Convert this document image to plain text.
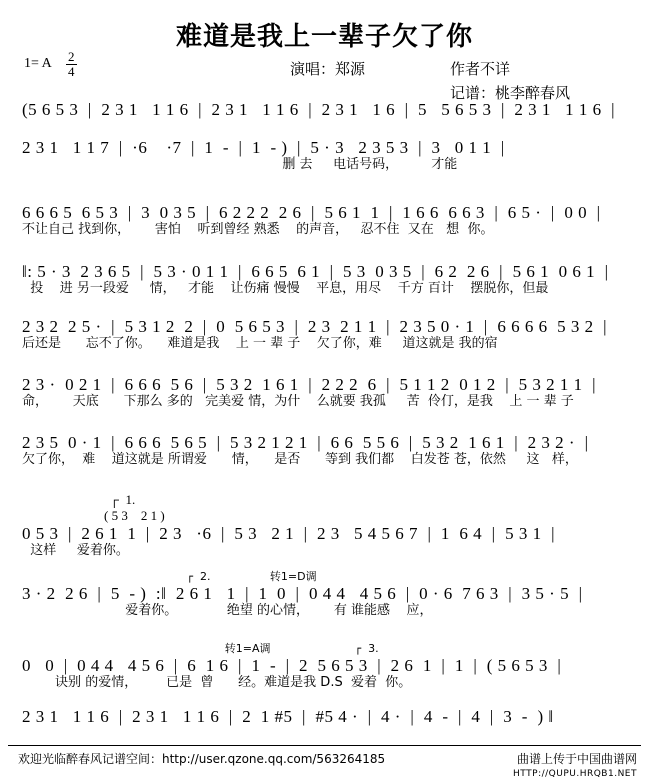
难道是我上一辈子欠了你
1= A $\frac{2}{4}$	演唱：郑源	作者不详
记谱：桃李醉春风
(5 6 5 3  |  2 3 1   1 1 6  |  2 3 1   1 1 6  |  2 3 1   1 6  |  5   5 6 5 3  |  2 3 1   1 1 6  |
2 3 1   1 1 7  |  ·6    ·7  |  1  -  |  1  - )  |  5 · 3   2 3 5 3  |  3   0 1 1  |
删 去     电话号码，        才能
6 6 6 5  6 5 3  |  3  0 3 5  |  6 2 2 2  2 6  |  5 6 1  1  |  1 6 6  6 6 3  |  6 5 ·  |  0 0  |
不让自己 找到你，      害怕    听到曾经 熟悉    的声音，   忍不住  又在   想  你。
‖: 5 · 3  2 3 6 5  |  5 3 · 0 1 1  |  6 6 5  6 1  |  5 3  0 3 5  |  6 2  2 6  |  5 6 1  0 6 1  |
投    进 另一段爱     情，   才能    让伤痛 慢慢    平息，用尽    千方 百计    摆脱你，但最
2 3 2  2 5 ·  |  5 3 1 2  2  |  0  5 6 5 3  |  2 3  2 1 1  |  2 3 5 0 · 1  |  6 6 6 6  5 3 2  |
后还是      忘不了你。    难道是我    上 一 辈 子    欠了你，难     道这就是 我的宿
2 3 ·  0 2 1  |  6 6 6  5 6  |  5 3 2  1 6 1  |  2 2 2  6  |  5 1 1 2  0 1 2  |  5 3 2 1 1  |
命，      天底      下那么 多的   完美爱 情，为什    么就要 我孤     苦  伶仃，是我    上 一 辈 子
2 3 5  0 · 1  |  6 6 6  5 6 5  |  5 3 2 1 2 1  |  6 6  5 5 6  |  5 3 2  1 6 1  |  2 3 2 ·  |
欠了你，  难    道这就是 所谓爱      情，    是否      等到 我们都    白发苍 苍，依然     这   样，
┌  1.
( 5 3    2 1 )
0 5 3  |  2 6 1  1  |  2 3   ·6  |  5 3   2 1  |  2 3   5 4 5 6 7  |  1  6 4  |  5 3 1  |
这样     爱着你。
┌  2.                 转1=D调
3 · 2  2 6  |  5  - )  :‖  2 6 1   1  |  1  0  |  0 4 4   4 5 6  |  0 · 6  7 6 3  |  3 5 · 5  |
爱着你。            绝望 的心情，      有 谁能感    应，
转1=A调                        ┌  3.
0   0  |  0 4 4   4 5 6  |  6  1 6  |  1  -  |  2  5 6 5 3  |  2 6  1  |  1  |  ( 5 6 5 3  |
诀别 的爱情，       已是  曾      经。难道是我 D.S  爱着  你。
2 3 1   1 1 6  |  2 3 1   1 1 6  |  2  1 #5  |  #5 4 ·  |  4 ·  |  4  -  |  4  |  3  -  ) ‖
欢迎光临醉春风记谱空间：http://user.qzone.qq.com/563264185	曲谱上传于中国曲谱网
HTTP://QUPU.HRQB1.NET
